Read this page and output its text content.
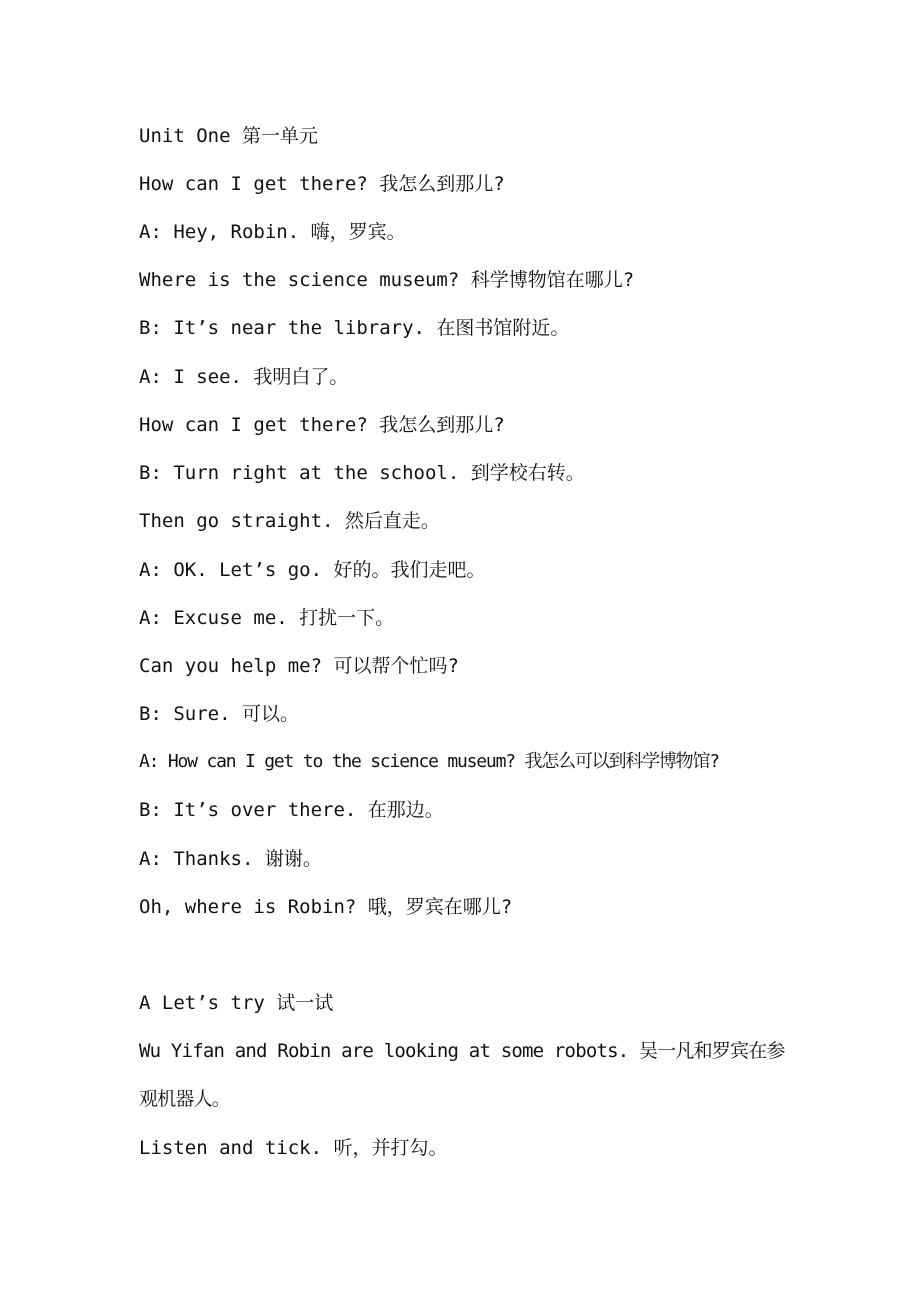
Unit One 第一单元

How can I get there? 我怎么到那儿?

A: Hey, Robin. 嗨，罗宾。

Where is the science museum? 科学博物馆在哪儿?

B: It’s near the library. 在图书馆附近。

A: I see. 我明白了。

How can I get there? 我怎么到那儿?

B: Turn right at the school. 到学校右转。

Then go straight. 然后直走。

A: OK. Let’s go. 好的。我们走吧。

A: Excuse me. 打扰一下。

Can you help me? 可以帮个忙吗?

B: Sure. 可以。

A: How can I get to the science museum? 我怎么可以到科学博物馆?

B: It’s over there. 在那边。

A: Thanks. 谢谢。

Oh, where is Robin? 哦，罗宾在哪儿?

A Let’s try 试一试

Wu Yifan and Robin are looking at some robots. 吴一凡和罗宾在参观机器人。

Listen and tick. 听，并打勾。
